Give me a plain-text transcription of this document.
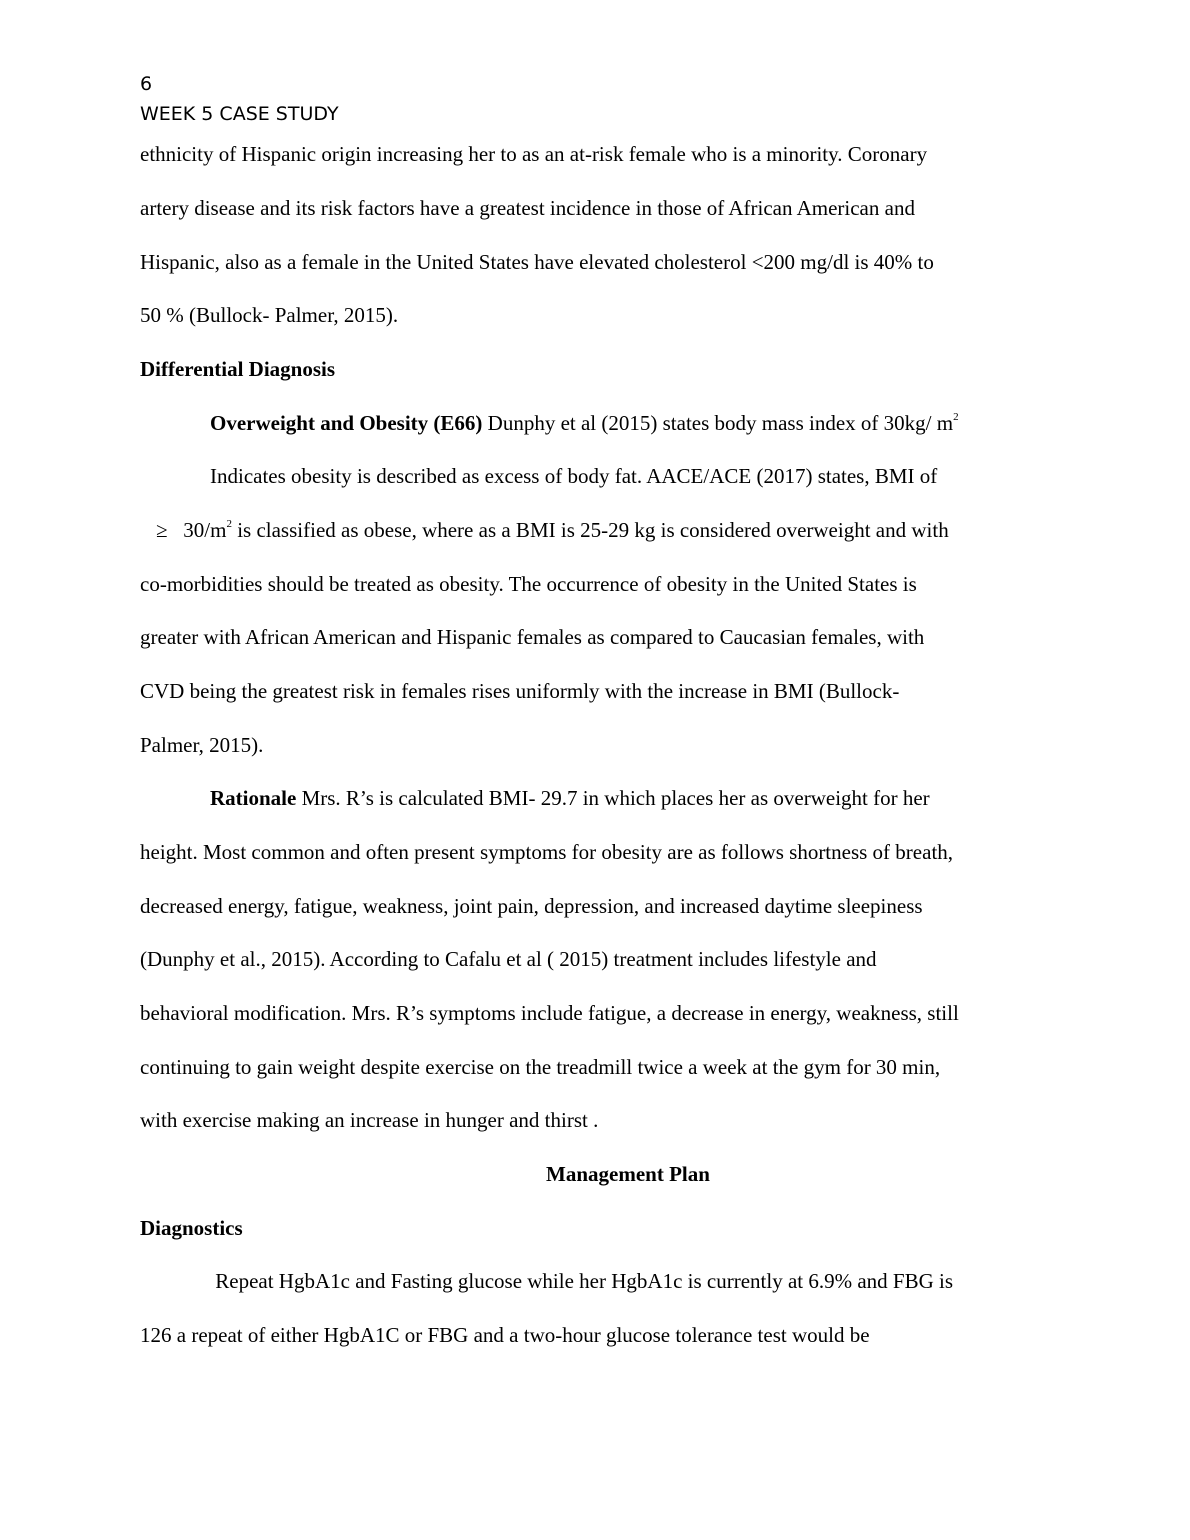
6
WEEK 5 CASE STUDY
ethnicity of Hispanic origin increasing her to as an at-risk female who is a minority. Coronary
artery disease and its risk factors have a greatest incidence in those of African American and
Hispanic, also as a female in the United States have elevated cholesterol <200 mg/dl is 40% to
50 % (Bullock- Palmer, 2015).
Differential Diagnosis
Overweight and Obesity (E66) Dunphy et al (2015) states body mass index of 30kg/ $m^2$
Indicates obesity is described as excess of body fat. AACE/ACE (2017) states, BMI of
≥   $30/m^2$ is classified as obese, where as a BMI is 25-29 kg is considered overweight and with
co-morbidities should be treated as obesity. The occurrence of obesity in the United States is
greater with African American and Hispanic females as compared to Caucasian females, with
CVD being the greatest risk in females rises uniformly with the increase in BMI (Bullock-
Palmer, 2015).
Rationale Mrs. R’s is calculated BMI- 29.7 in which places her as overweight for her
height. Most common and often present symptoms for obesity are as follows shortness of breath,
decreased energy, fatigue, weakness, joint pain, depression, and increased daytime sleepiness
(Dunphy et al., 2015). According to Cafalu et al ( 2015) treatment includes lifestyle and
behavioral modification. Mrs. R’s symptoms include fatigue, a decrease in energy, weakness, still
continuing to gain weight despite exercise on the treadmill twice a week at the gym for 30 min,
with exercise making an increase in hunger and thirst .
Management Plan
Diagnostics
Repeat HgbA1c and Fasting glucose while her HgbA1c is currently at 6.9% and FBG is
126 a repeat of either HgbA1C or FBG and a two-hour glucose tolerance test would be
